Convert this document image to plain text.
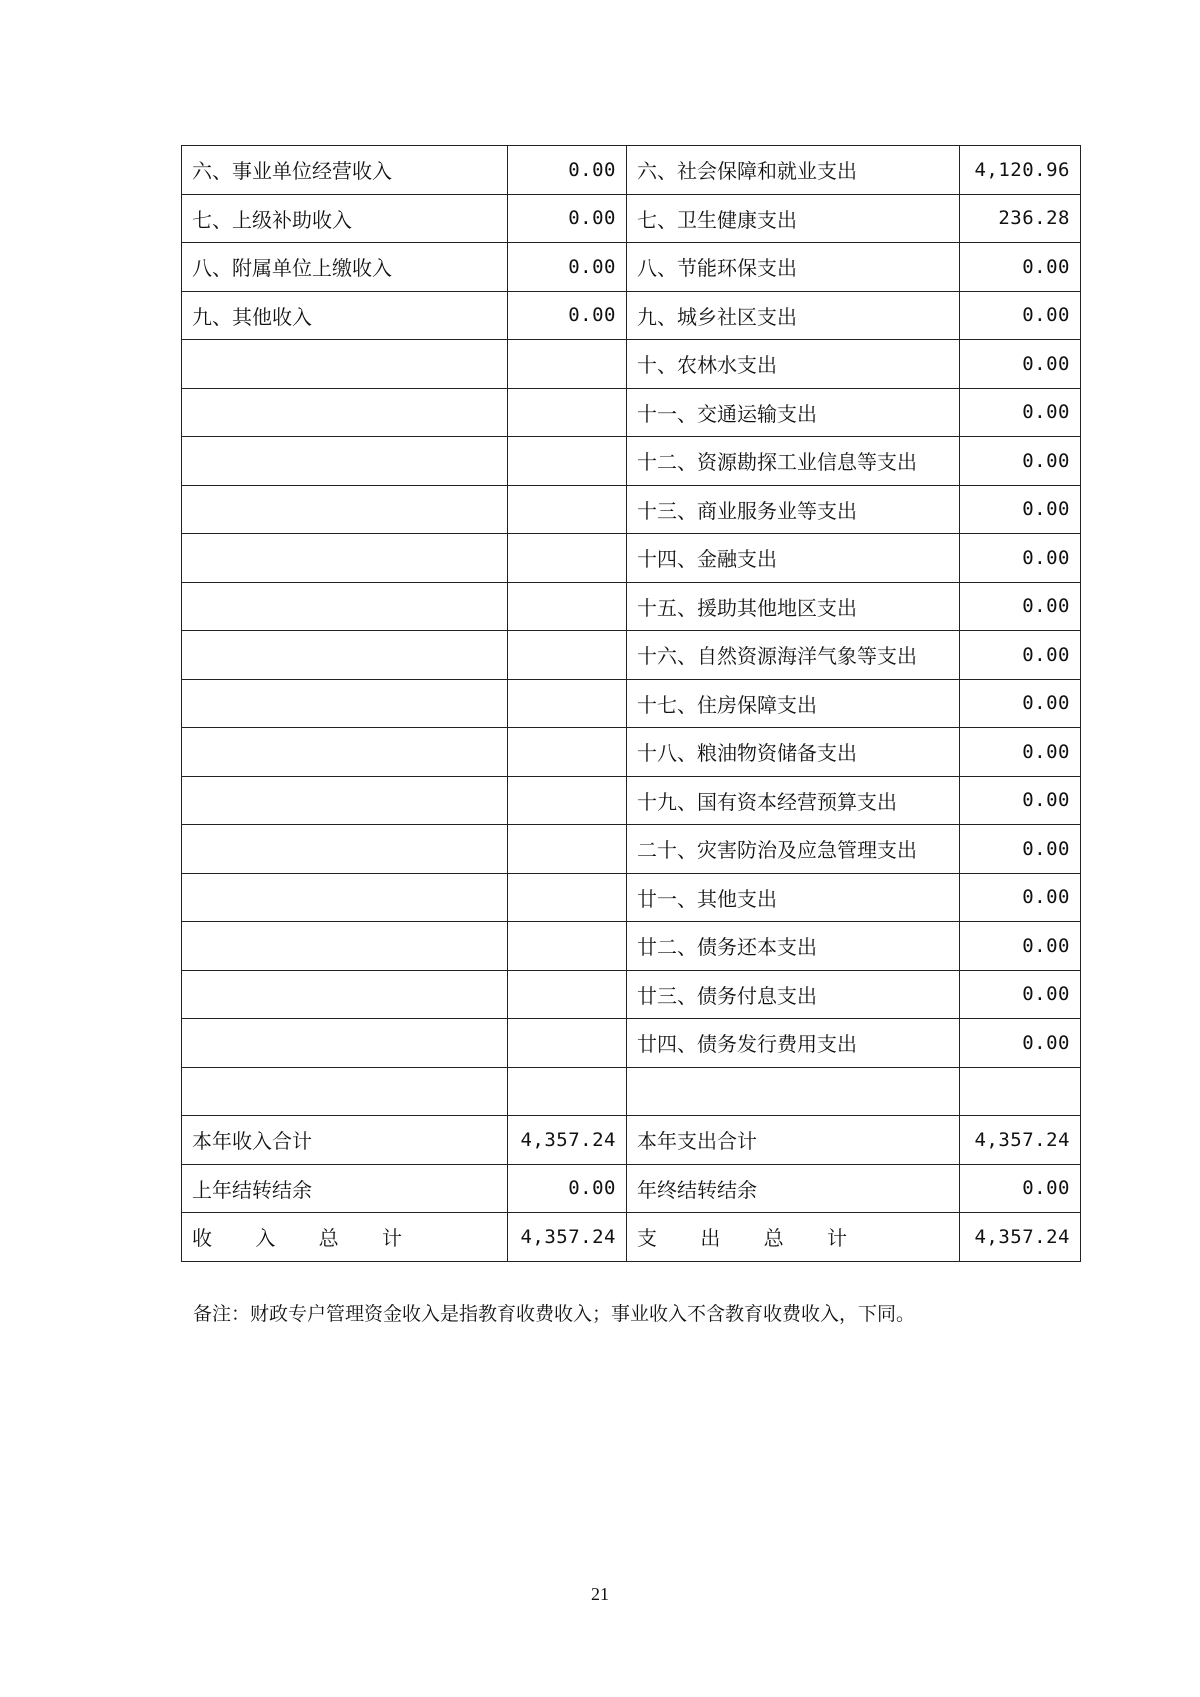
六、事业单位经营收入	0.00	六、社会保障和就业支出	4,120.96
七、上级补助收入	0.00	七、卫生健康支出	236.28
八、附属单位上缴收入	0.00	八、节能环保支出	0.00
九、其他收入	0.00	九、城乡社区支出	0.00
		十、农林水支出	0.00
		十一、交通运输支出	0.00
		十二、资源勘探工业信息等支出	0.00
		十三、商业服务业等支出	0.00
		十四、金融支出	0.00
		十五、援助其他地区支出	0.00
		十六、自然资源海洋气象等支出	0.00
		十七、住房保障支出	0.00
		十八、粮油物资储备支出	0.00
		十九、国有资本经营预算支出	0.00
		二十、灾害防治及应急管理支出	0.00
		廿一、其他支出	0.00
		廿二、债务还本支出	0.00
		廿三、债务付息支出	0.00
		廿四、债务发行费用支出	0.00

本年收入合计	4,357.24	本年支出合计	4,357.24
上年结转结余	0.00	年终结转结余	0.00

收 入 总 计	4,357.24	支 出 总 计	4,357.24
备注：财政专户管理资金收入是指教育收费收入；事业收入不含教育收费收入，下同。
21
